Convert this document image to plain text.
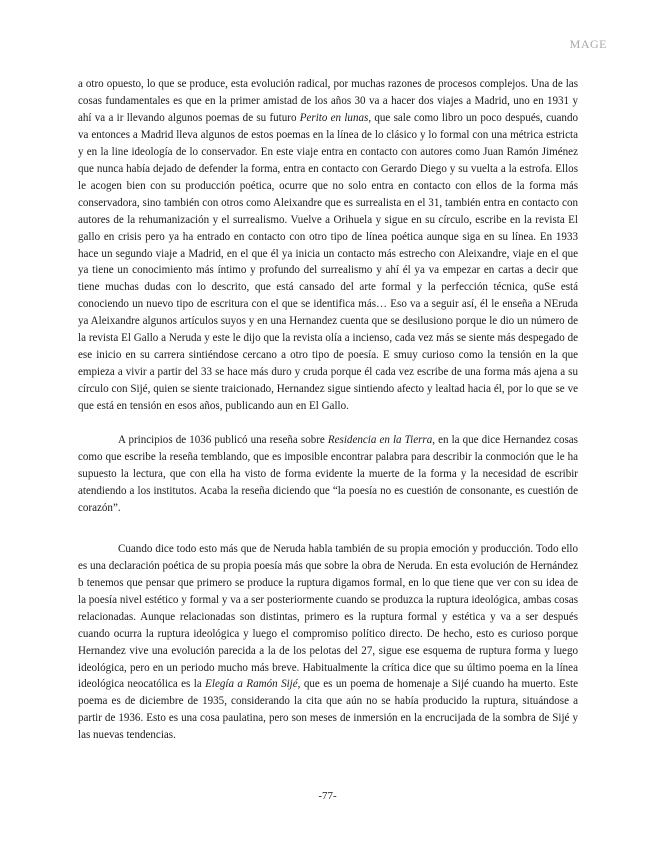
MAGE

a otro opuesto, lo que se produce, esta evolución radical, por muchas razones de procesos complejos. Una de las cosas fundamentales es que en la primer amistad de los años 30 va a hacer dos viajes a Madrid, uno en 1931 y ahí va a ir llevando algunos poemas de su futuro Perito en lunas, que sale como libro un poco después, cuando va entonces a Madrid lleva algunos de estos poemas en la línea de lo clásico y lo formal con una métrica estricta y en la line ideología de lo conservador. En este viaje entra en contacto con autores como Juan Ramón Jiménez que nunca había dejado de defender la forma, entra en contacto con Gerardo Diego y su vuelta a la estrofa. Ellos le acogen bien con su producción poética, ocurre que no solo entra en contacto con ellos de la forma más conservadora, sino también con otros como Aleixandre que es surrealista en el 31, también entra en contacto con autores de la rehumanización y el surrealismo. Vuelve a Orihuela y sigue en su círculo, escribe en la revista El gallo en crisis pero ya ha entrado en contacto con otro tipo de línea poética aunque siga en su línea. En 1933 hace un segundo viaje a Madrid, en el que él ya inicia un contacto más estrecho con Aleixandre, viaje en el que ya tiene un conocimiento más íntimo y profundo del surrealismo y ahí él ya va empezar en cartas a decir que tiene muchas dudas con lo descrito, que está cansado del arte formal y la perfección técnica, quSe está conociendo un nuevo tipo de escritura con el que se identifica más… Eso va a seguir así, él le enseña a NEruda ya Aleixandre algunos artículos suyos y en una Hernandez cuenta que se desilusiono porque le dio un número de la revista El Gallo a Neruda y este le dijo que la revista olía a incienso, cada vez más se siente más despegado de ese inicio en su carrera sintiéndose cercano a otro tipo de poesía. E smuy curioso como la tensión en la que empieza a vivir a partir del 33 se hace más duro y cruda porque él cada vez escribe de una forma más ajena a su círculo con Sijé, quien se siente traicionado, Hernandez sigue sintiendo afecto y lealtad hacia él, por lo que se ve que está en tensión en esos años, publicando aun en El Gallo.

A principios de 1036 publicó una reseña sobre Residencia en la Tierra, en la que dice Hernandez cosas como que escribe la reseña temblando, que es imposible encontrar palabra para describir la conmoción que le ha supuesto la lectura, que con ella ha visto de forma evidente la muerte de la forma y la necesidad de escribir atendiendo a los institutos. Acaba la reseña diciendo que “la poesía no es cuestión de consonante, es cuestión de corazón”.

Cuando dice todo esto más que de Neruda habla también de su propia emoción y producción. Todo ello es una declaración poética de su propia poesía más que sobre la obra de Neruda. En esta evolución de Hernández b tenemos que pensar que primero se produce la ruptura digamos formal, en lo que tiene que ver con su idea de la poesía nivel estético y formal y va a ser posteriormente cuando se produzca la ruptura ideológica, ambas cosas relacionadas. Aunque relacionadas son distintas, primero es la ruptura formal y estética y va a ser después cuando ocurra la ruptura ideológica y luego el compromiso político directo. De hecho, esto es curioso porque Hernandez vive una evolución parecida a la de los pelotas del 27, sigue ese esquema de ruptura forma y luego ideológica, pero en un periodo mucho más breve. Habitualmente la crítica dice que su último poema en la línea ideológica neocatólica es la Elegía a Ramón Sijé, que es un poema de homenaje a Sijé cuando ha muerto. Este poema es de diciembre de 1935, considerando la cita que aún no se había producido la ruptura, situándose a partir de 1936. Esto es una cosa paulatina, pero son meses de inmersión en la encrucijada de la sombra de Sijé y las nuevas tendencias.

-77-
